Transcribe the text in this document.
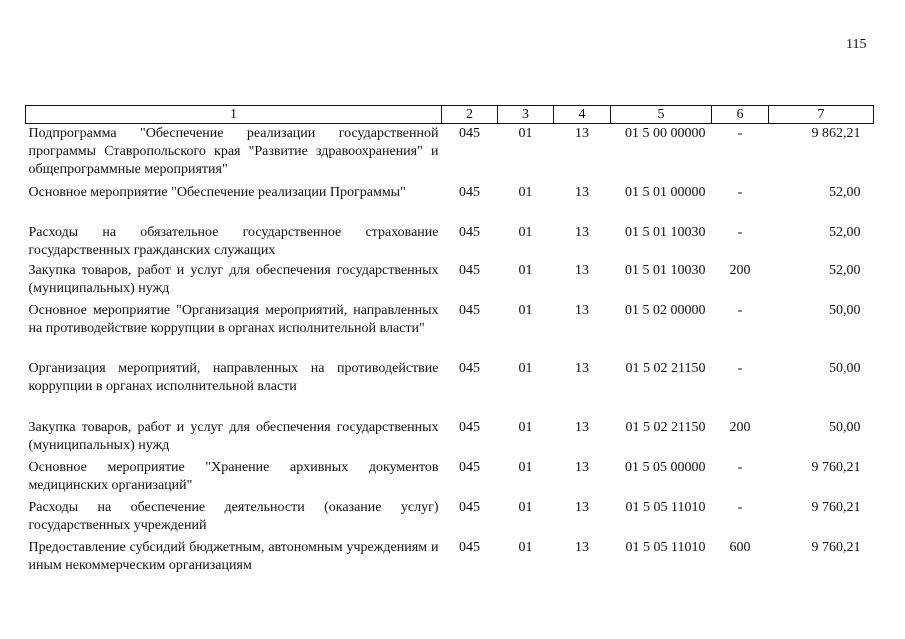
115
1	2	3	4	5	6	7
Подпрограмма "Обеспечение реализации государственной программы Ставропольского края "Развитие здравоохранения" и общепрограммные мероприятия"	045	01	13	01 5 00 00000	-	9 862,21
Основное мероприятие "Обеспечение реализации Программы"	045	01	13	01 5 01 00000	-	52,00
Расходы на обязательное государственное страхование государственных гражданских служащих	045	01	13	01 5 01 10030	-	52,00
Закупка товаров, работ и услуг для обеспечения государственных (муниципальных) нужд	045	01	13	01 5 01 10030	200	52,00
Основное мероприятие "Организация мероприятий, направленных на противодействие коррупции в органах исполнительной власти"	045	01	13	01 5 02 00000	-	50,00
Организация мероприятий, направленных на противодействие коррупции в органах исполнительной власти	045	01	13	01 5 02 21150	-	50,00
Закупка товаров, работ и услуг для обеспечения государственных (муниципальных) нужд	045	01	13	01 5 02 21150	200	50,00
Основное мероприятие "Хранение архивных документов медицинских организаций"	045	01	13	01 5 05 00000	-	9 760,21
Расходы на обеспечение деятельности (оказание услуг) государственных учреждений	045	01	13	01 5 05 11010	-	9 760,21
Предоставление субсидий бюджетным, автономным учреждениям и иным некоммерческим организациям	045	01	13	01 5 05 11010	600	9 760,21
